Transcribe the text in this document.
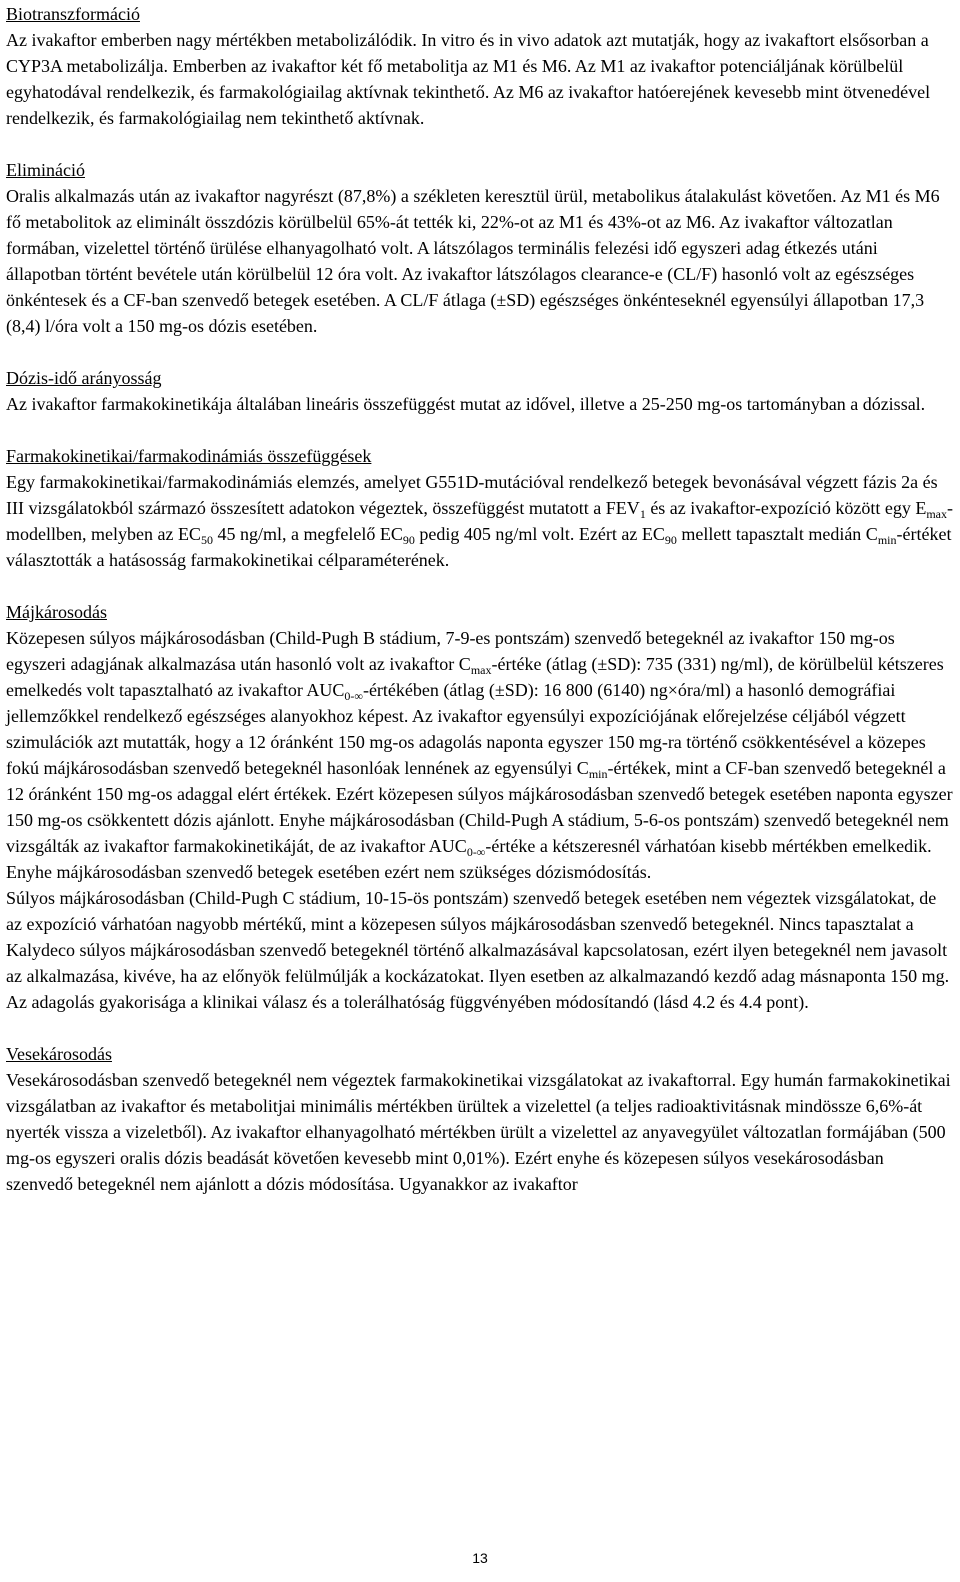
Biotranszformáció

Az ivakaftor emberben nagy mértékben metabolizálódik. In vitro és in vivo adatok azt mutatják, hogy az ivakaftort elsősorban a CYP3A metabolizálja. Emberben az ivakaftor két fő metabolitja az M1 és M6. Az M1 az ivakaftor potenciáljának körülbelül egyhatodával rendelkezik, és farmakológiailag aktívnak tekinthető. Az M6 az ivakaftor hatóerejének kevesebb mint ötvenedével rendelkezik, és farmakológiailag nem tekinthető aktívnak.

Elimináció

Oralis alkalmazás után az ivakaftor nagyrészt (87,8%) a székleten keresztül ürül, metabolikus átalakulást követően. Az M1 és M6 fő metabolitok az eliminált összdózis körülbelül 65%-át tették ki, 22%-ot az M1 és 43%-ot az M6. Az ivakaftor változatlan formában, vizelettel történő ürülése elhanyagolható volt. A látszólagos terminális felezési idő egyszeri adag étkezés utáni állapotban történt bevétele után körülbelül 12 óra volt. Az ivakaftor látszólagos clearance-e (CL/F) hasonló volt az egészséges önkéntesek és a CF-ban szenvedő betegek esetében. A CL/F átlaga (±SD) egészséges önkénteseknél egyensúlyi állapotban 17,3 (8,4) l/óra volt a 150 mg-os dózis esetében.

Dózis-idő arányosság

Az ivakaftor farmakokinetikája általában lineáris összefüggést mutat az idővel, illetve a 25-250 mg-os tartományban a dózissal.

Farmakokinetikai/farmakodinámiás összefüggések

Egy farmakokinetikai/farmakodinámiás elemzés, amelyet G551D-mutációval rendelkező betegek bevonásával végzett fázis 2a és III vizsgálatokból származó összesített adatokon végeztek, összefüggést mutatott a $FEV_1$ és az ivakaftor-expozíció között egy $E_{max}$-modellben, melyben az $EC_{50}$ 45 ng/ml, a megfelelő $EC_{90}$ pedig 405 ng/ml volt. Ezért az $EC_{90}$ mellett tapasztalt medián $C_{min}$-értéket választották a hatásosság farmakokinetikai célparaméterének.

Májkárosodás

Közepesen súlyos májkárosodásban (Child-Pugh B stádium, 7-9-es pontszám) szenvedő betegeknél az ivakaftor 150 mg-os egyszeri adagjának alkalmazása után hasonló volt az ivakaftor $C_{max}$-értéke (átlag (±SD): 735 (331) ng/ml), de körülbelül kétszeres emelkedés volt tapasztalható az ivakaftor $AUC_{0-\infty}$-értékében (átlag (±SD): 16 800 (6140) ng×óra/ml) a hasonló demográfiai jellemzőkkel rendelkező egészséges alanyokhoz képest. Az ivakaftor egyensúlyi expozíciójának előrejelzése céljából végzett szimulációk azt mutatták, hogy a 12 óránként 150 mg-os adagolás naponta egyszer 150 mg-ra történő csökkentésével a közepes fokú májkárosodásban szenvedő betegeknél hasonlóak lennének az egyensúlyi $C_{min}$-értékek, mint a CF-ban szenvedő betegeknél a 12 óránként 150 mg-os adaggal elért értékek. Ezért közepesen súlyos májkárosodásban szenvedő betegek esetében naponta egyszer 150 mg-os csökkentett dózis ajánlott. Enyhe májkárosodásban (Child-Pugh A stádium, 5-6-os pontszám) szenvedő betegeknél nem vizsgálták az ivakaftor farmakokinetikáját, de az ivakaftor $AUC_{0-\infty}$-értéke a kétszeresnél várhatóan kisebb mértékben emelkedik. Enyhe májkárosodásban szenvedő betegek esetében ezért nem szükséges dózismódosítás.

Súlyos májkárosodásban (Child-Pugh C stádium, 10-15-ös pontszám) szenvedő betegek esetében nem végeztek vizsgálatokat, de az expozíció várhatóan nagyobb mértékű, mint a közepesen súlyos májkárosodásban szenvedő betegeknél. Nincs tapasztalat a Kalydeco súlyos májkárosodásban szenvedő betegeknél történő alkalmazásával kapcsolatosan, ezért ilyen betegeknél nem javasolt az alkalmazása, kivéve, ha az előnyök felülmúlják a kockázatokat. Ilyen esetben az alkalmazandó kezdő adag másnaponta 150 mg. Az adagolás gyakorisága a klinikai válasz és a tolerálhatóság függvényében módosítandó (lásd 4.2 és 4.4 pont).

Vesekárosodás

Vesekárosodásban szenvedő betegeknél nem végeztek farmakokinetikai vizsgálatokat az ivakaftorral. Egy humán farmakokinetikai vizsgálatban az ivakaftor és metabolitjai minimális mértékben ürültek a vizelettel (a teljes radioaktivitásnak mindössze 6,6%-át nyerték vissza a vizeletből). Az ivakaftor elhanyagolható mértékben ürült a vizelettel az anyavegyület változatlan formájában (500 mg-os egyszeri oralis dózis beadását követően kevesebb mint 0,01%). Ezért enyhe és közepesen súlyos vesekárosodásban szenvedő betegeknél nem ajánlott a dózis módosítása. Ugyanakkor az ivakaftor

13
